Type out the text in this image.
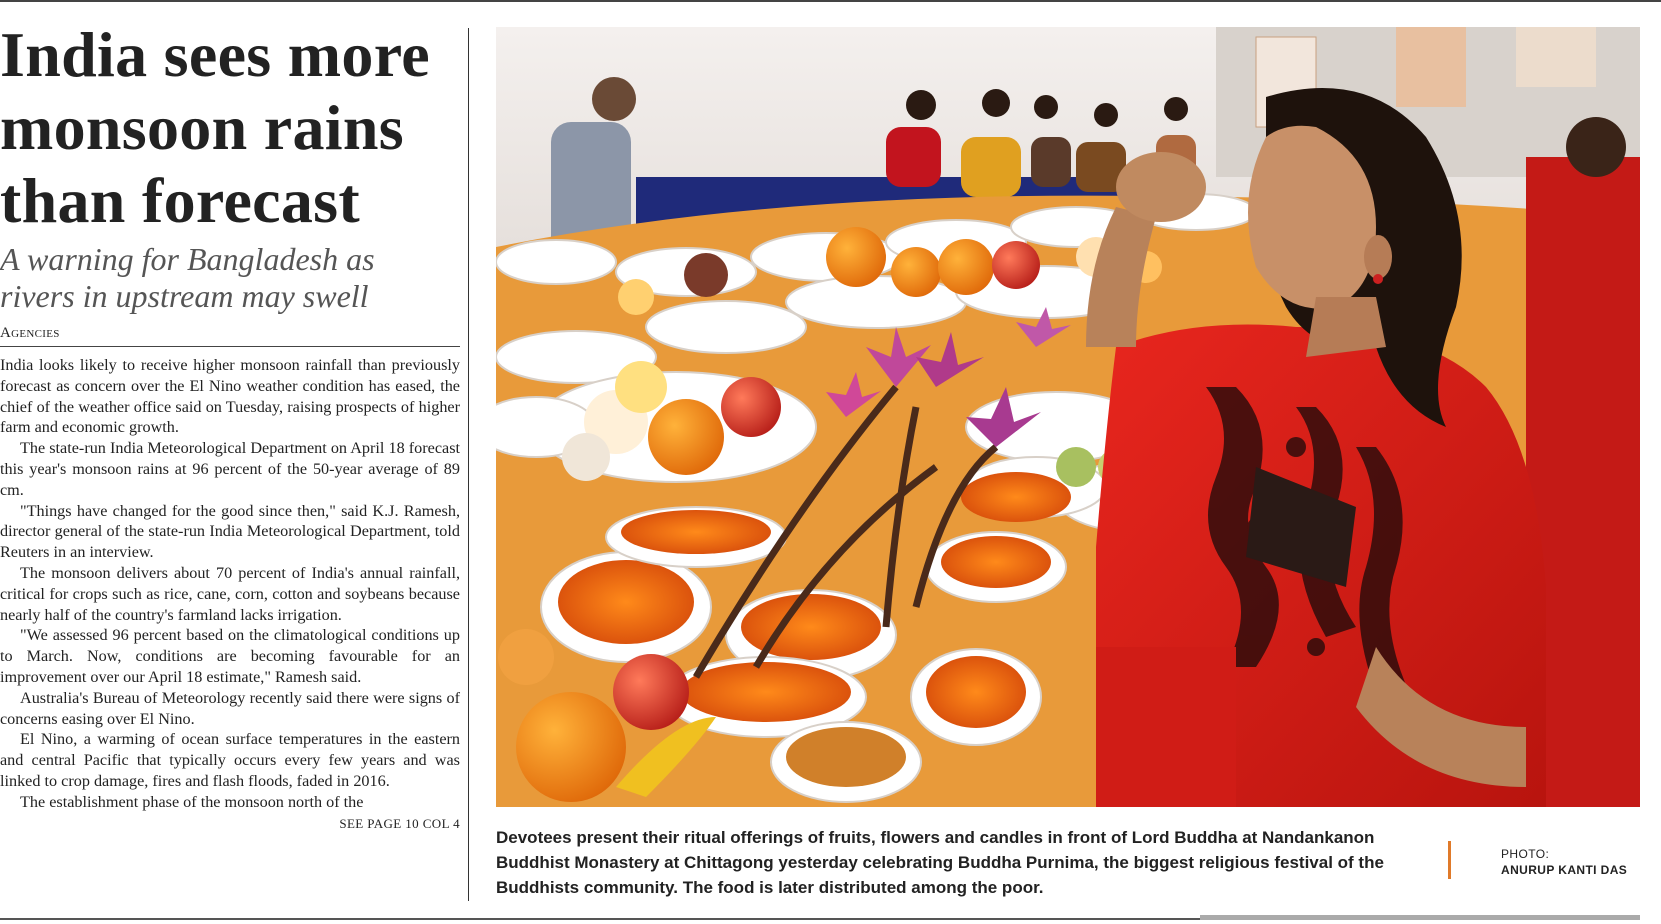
India sees more
monsoon rains
than forecast
A warning for Bangladesh as
rivers in upstream may swell
Agencies

India looks likely to receive higher monsoon rainfall than previously forecast as concern over the El Nino weather condition has eased, the chief of the weather office said on Tuesday, raising prospects of higher farm and economic growth.

The state-run India Meteorological Department on April 18 forecast this year's monsoon rains at 96 percent of the 50-year average of 89 cm.

"Things have changed for the good since then," said K.J. Ramesh, director general of the state-run India Meteorological Department, told Reuters in an interview.

The monsoon delivers about 70 percent of India's annual rainfall, critical for crops such as rice, cane, corn, cotton and soybeans because nearly half of the country's farmland lacks irrigation.

"We assessed 96 percent based on the climatological conditions up to March. Now, conditions are becoming favourable for an improvement over our April 18 estimate," Ramesh said.

Australia's Bureau of Meteorology recently said there were signs of concerns easing over El Nino.

El Nino, a warming of ocean surface temperatures in the eastern and central Pacific that typically occurs every few years and was linked to crop damage, fires and flash floods, faded in 2016.

The establishment phase of the monsoon north of the

SEE PAGE 10 COL 4
Devotees present their ritual offerings of fruits, flowers and candles in front of Lord Buddha at Nandankanon Buddhist Monastery at Chittagong yesterday celebrating Buddha Purnima, the biggest religious festival of the Buddhists community. The food is later distributed among the poor.
PHOTO:
ANURUP KANTI DAS
